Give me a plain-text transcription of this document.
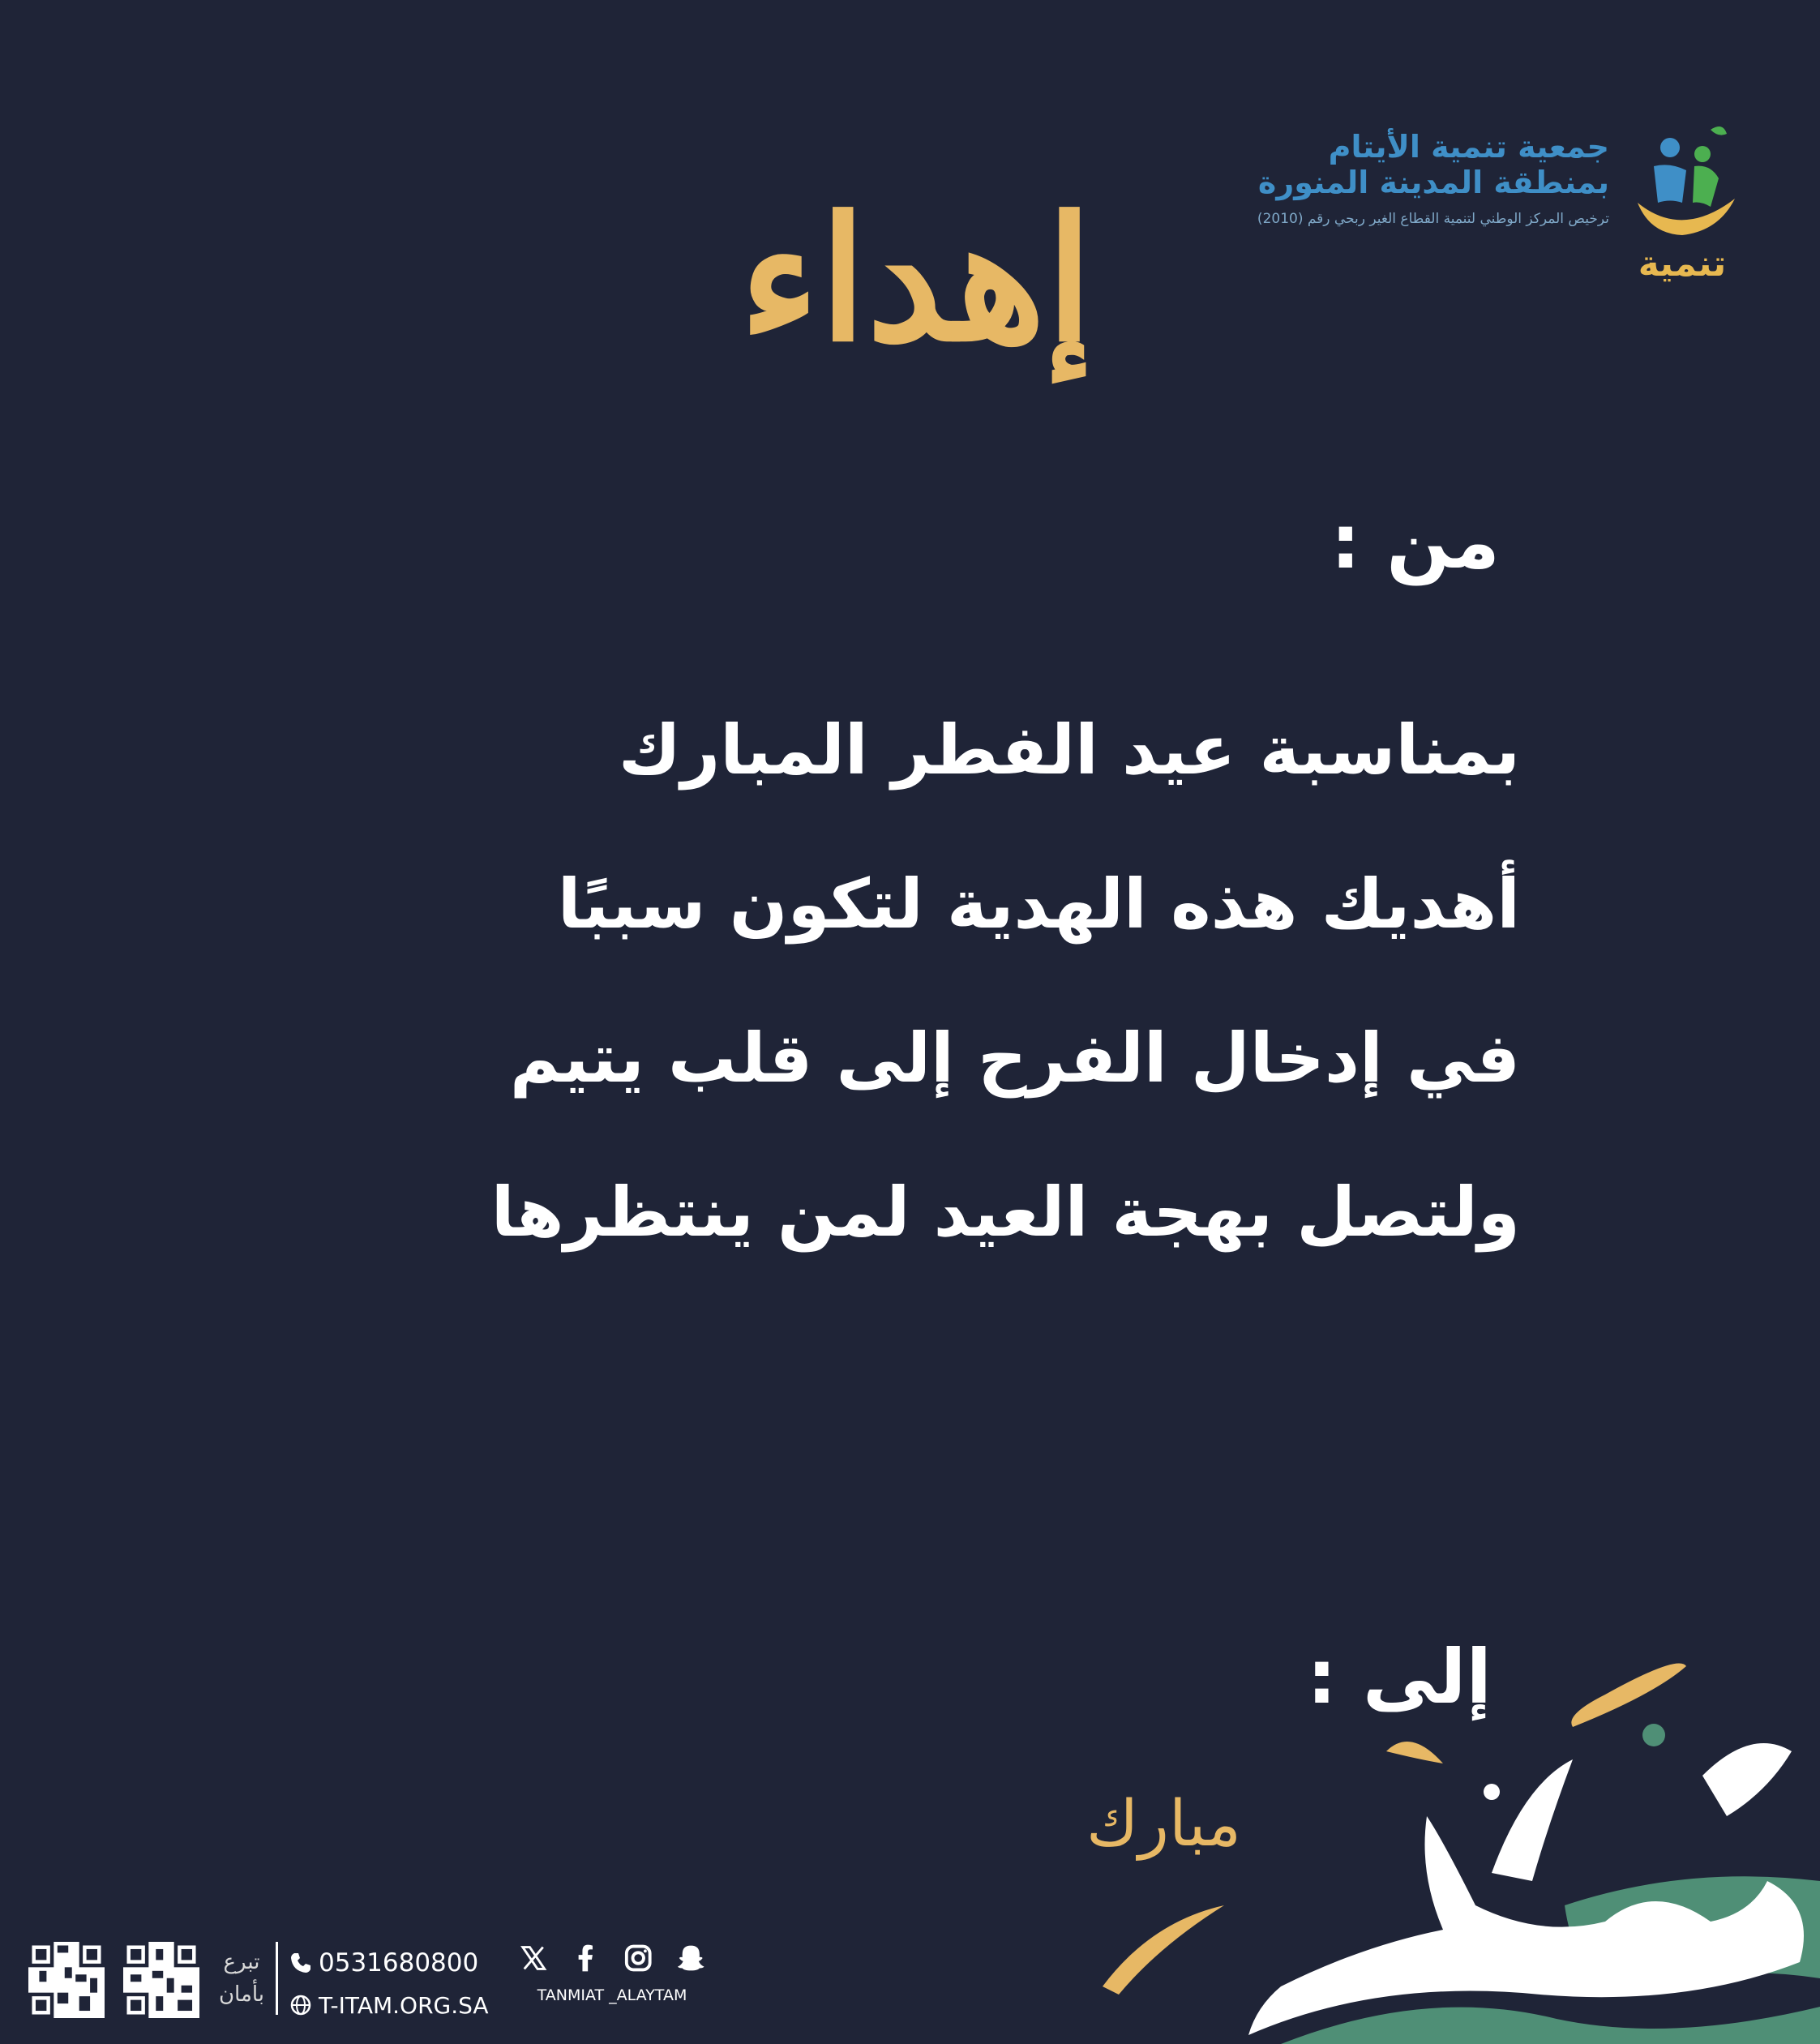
جمعية تنمية الأيتام
بمنطقة المدينة المنورة
ترخيص المركز الوطني لتنمية القطاع الغير ربحي رقم (2010)
تنمية
إهداء
من :
بمناسبة عيد الفطر المبارك
أهديك هذه الهدية لتكون سببًا
في إدخال الفرح إلى قلب يتيم
ولتصل بهجة العيد لمن ينتظرها
إلى :
مبارك
TANMIAT _ALAYTAM
0531680800
T-ITAM.ORG.SA
تبرع
بأمان
